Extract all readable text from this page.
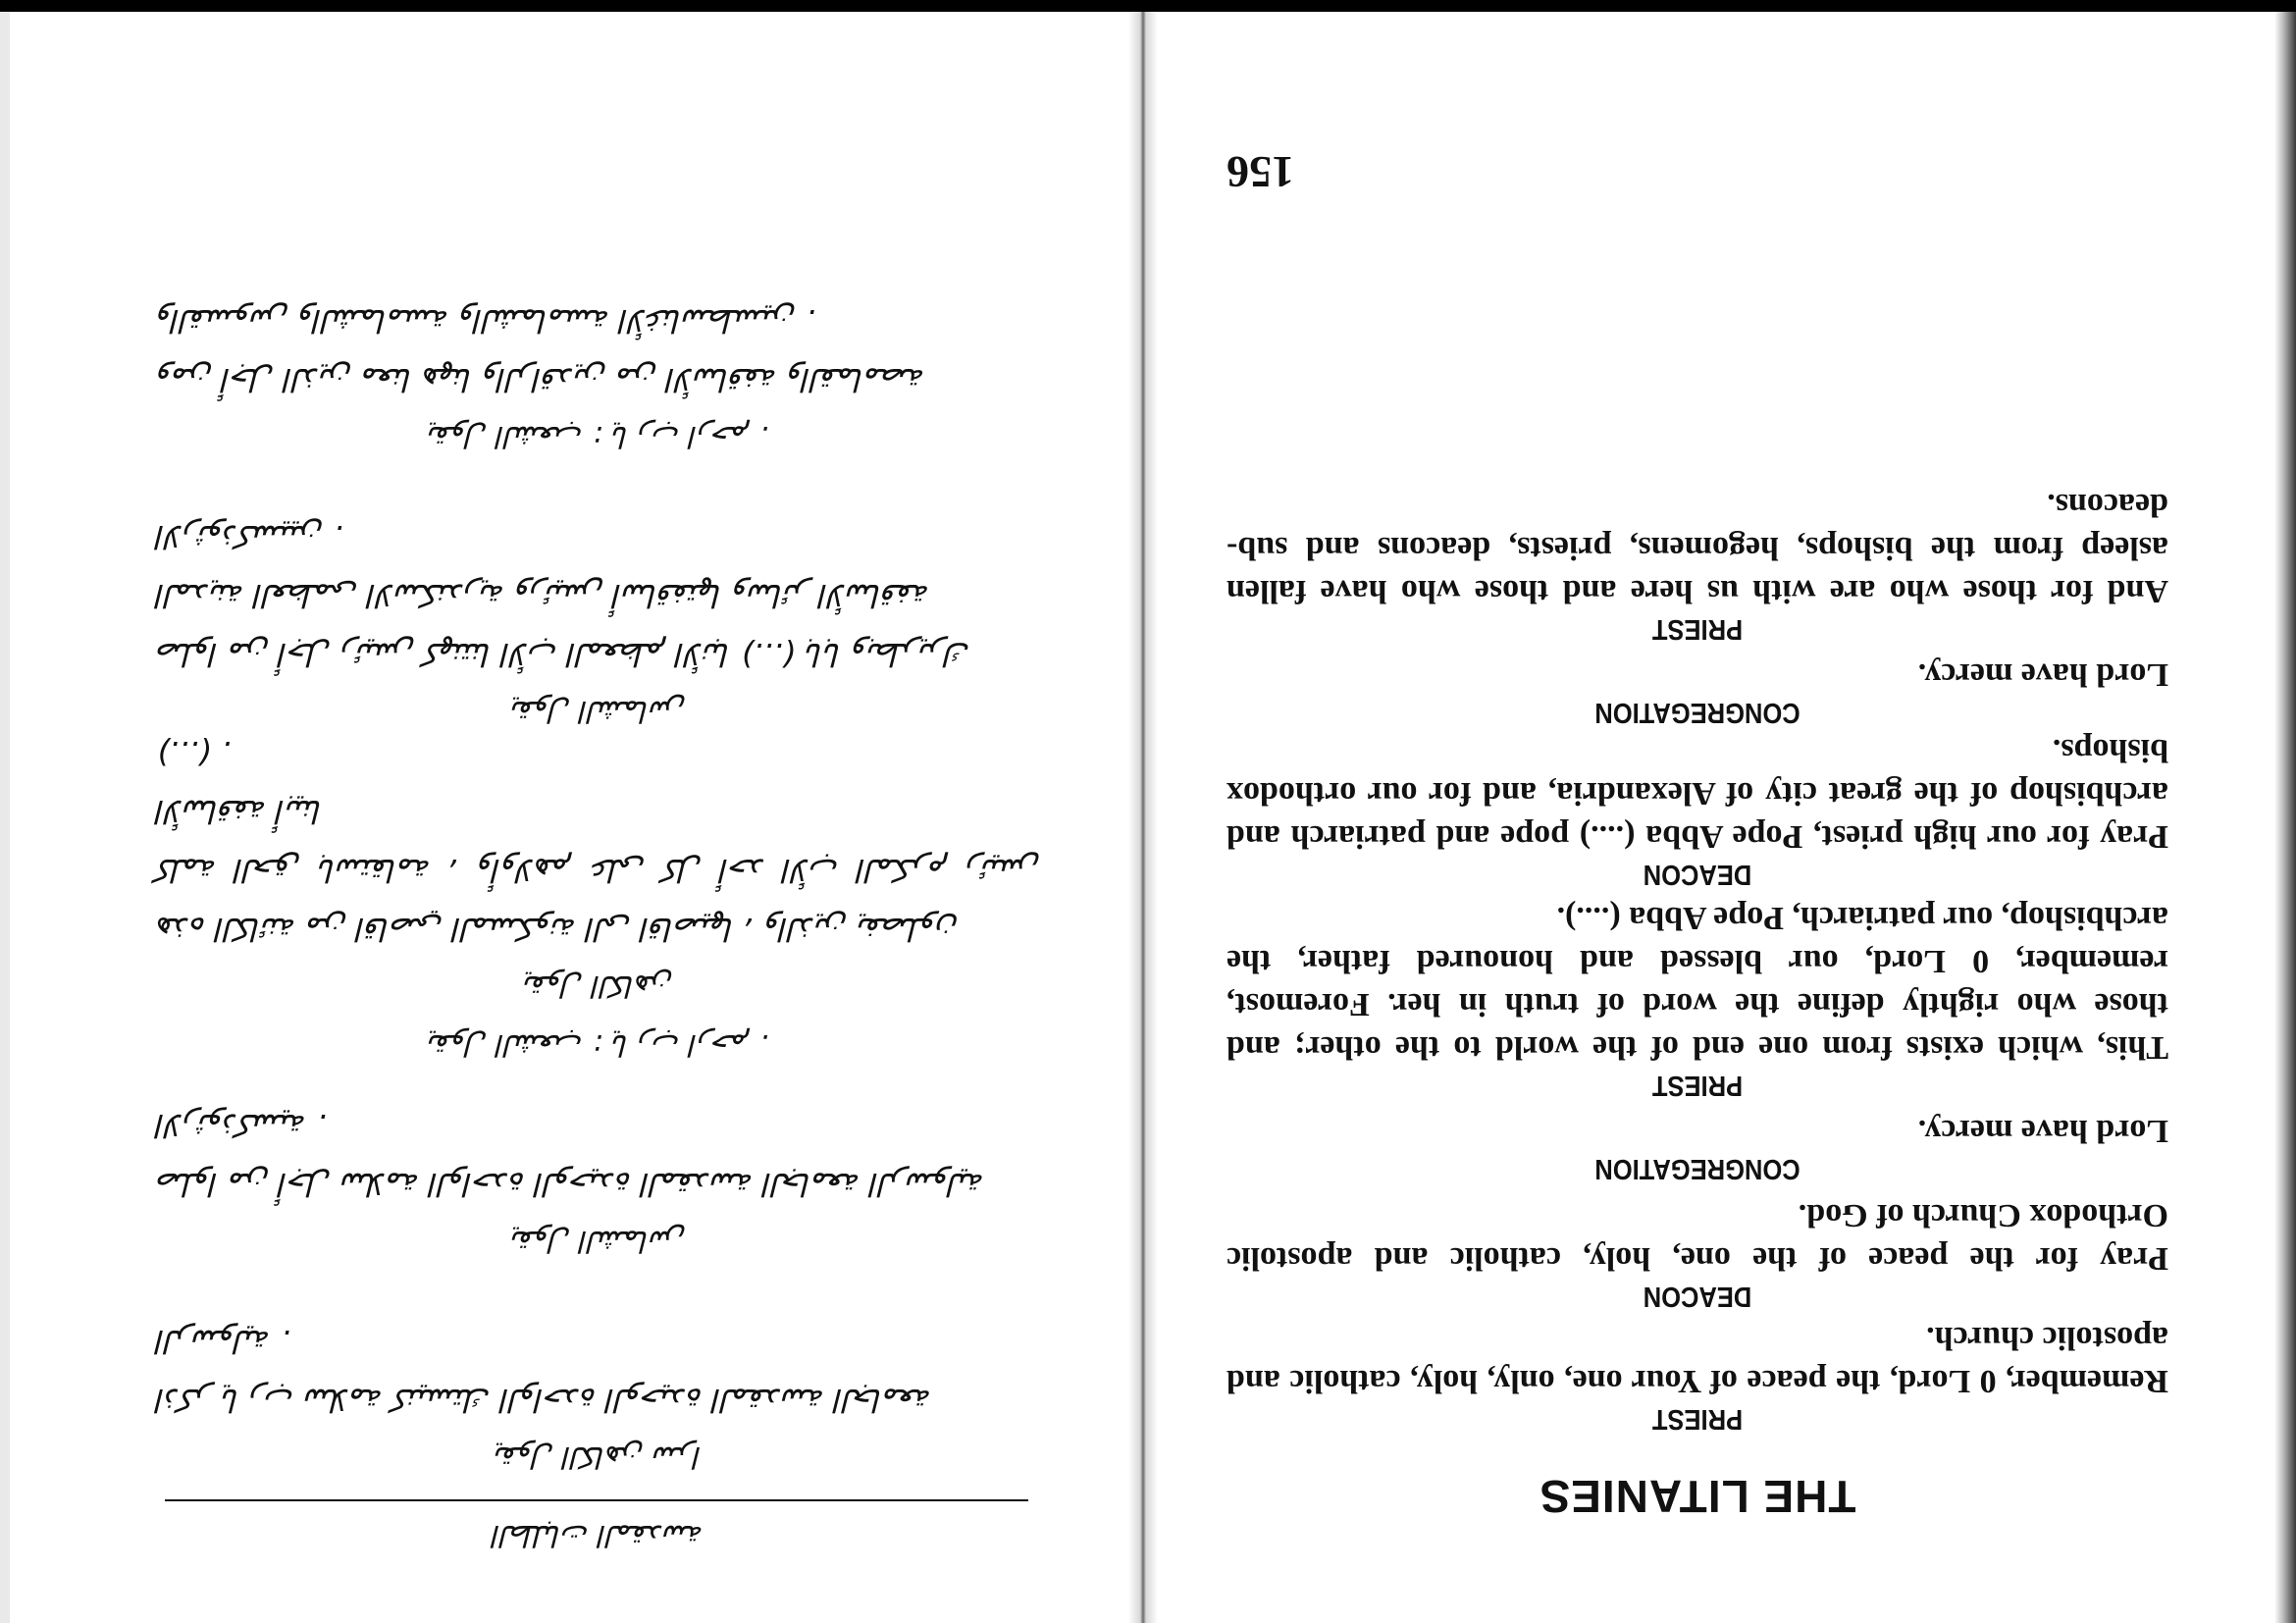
ﺍﻟﻄﻠﺒﺎﺕ ﺍﻟﻤﻘﺪﺳﺔ

ﻳﻘﻮﻝ ﺍﻟﻜﺎﻫﻦ ﺳﺮﺍ

ﺍﺫﻛﺮ ﻳﺎ ﺭﺏ ﺳﻼﻣﺔ ﻛﻨﻴﺴﺘﻚ ﺍﻟﻮﺍﺣﺪﺓ ﺍﻟﻮﺣﻴﺪﺓ ﺍﻟﻤﻘﺪﺳﺔ ﺍﻟﺠﺎﻣﻌﺔ

ﺍﻟﺮﺳﻮﻟﻴﺔ .

ﻳﻘﻮﻝ ﺍﻟﺸﻤﺎﺱ

ﺻﻠﻮﺍ ﻣﻦ ﺃﺟﻞ ﺳﻼﻣﺔ ﺍﻟﻮﺍﺣﺪﺓ ﺍﻟﻮﺣﻴﺪﺓ ﺍﻟﻤﻘﺪﺳﺔ ﺍﻟﺠﺎﻣﻌﺔ ﺍﻟﺮﺳﻮﻟﻴﺔ

ﺍﻻﺭﺛﻮﺫﻛﺴﻴﺔ .

ﻳﻘﻮﻝ ﺍﻟﺸﻌﺐ : ﻳﺎ ﺭﺏ ﺍﺭﺣﻢ .

ﻳﻘﻮﻝ ﺍﻟﻜﺎﻫﻦ

ﻫﺬﻩ ﺍﻟﻜﺎﺋﻨﺔ ﻣﻦ ﺍﻗﺎﺻﻲ ﺍﻟﻤﺴﻜﻮﻧﺔ ﺍﻟﻰ ﺍﻗﺎﺻﻴﻬﺎ ، ﻭﺍﻟﺬﻳﻦ ﻳﻔﺼﻠﻮﻥ

ﻛﻠﻤﺔ ﺍﻟﺤﻖ ﺑﺎﺳﺘﻘﺎﻣﺔ ، ﻭﺃﻭﻻﻫﻢ ﻋﻠﻰ ﻛﻞ ﺃﺣﺪ ﺍﻷﺏ ﺍﻟﻤﻜﺮﻡ ﺭﺋﻴﺲ ﺍﻷﺳﺎﻗﻔﺔ ﺃﺑﻴﻨﺎ

(...) .

ﻳﻘﻮﻝ ﺍﻟﺸﻤﺎﺱ

ﺻﻠﻮﺍ ﻣﻦ ﺃﺟﻞ ﺭﺋﻴﺲ ﻛﻬﻨﺘﻨﺎ ﺍﻷﺏ ﺍﻟﻤﻌﻈﻢ ﺍﻷﻧﺒﺎ (...) ﺑﺎﺑﺎ ﻭﺑﻄﺮﻳﺮﻙ

ﺍﻟﻤﺪﻳﻨﺔ ﺍﻟﻌﻈﻤﻰ ﺍﻻﺳﻜﻨﺪﺭﻳﺔ ﻭﺭﺋﻴﺲ ﺃﺳﺎﻗﻔﺘﻬﺎ ﻭﺳﺎﺋﺮ ﺍﻷﺳﺎﻗﻔﺔ

ﺍﻻﺭﺛﻮﺫﻛﺴﻴﻴﻦ .

ﻳﻘﻮﻝ ﺍﻟﺸﻌﺐ : ﻳﺎ ﺭﺏ ﺍﺭﺣﻢ .

ﻭﻣﻦ ﺃﺟﻞ ﺍﻟﺬﻳﻦ ﻣﻌﻨﺎ ﻫﻬﻨﺎ ﻭﺍﻟﺮﺍﻗﺪﻳﻦ ﻣﻦ ﺍﻷﺳﺎﻗﻔﺔ ﻭﺍﻟﻘﻤﺎﻣﺼﺔ

ﻭﺍﻟﻘﺴﻮﺱ ﻭﺍﻟﺸﻤﺎﻣﺴﺔ ﻭﺍﻟﺸﻤﺎﻣﺴﺔ ﺍﻷﻏﻨﺎﺳﻄﺴﻴﻦ .

THE LITANIES

PRIEST

Remember, 0 Lord, the peace of Your one, only, holy, catholic and apostolic church.

DEACON

Pray for the peace of the one, holy, catholic and apostolic Orthodox Church of God.

CONGREGATION

Lord have mercy.

PRIEST

This, which exists from one end of the world to the other; and those who rightly define the word of truth in her. Foremost, remember, 0 Lord, our blessed and honoured father, the archbishop, our patriarch, Pope Abba (....).

DEACON

Pray for our high priest, Pope Abba (....) pope and patriarch and archbishop of the great city of Alexandria, and for our orthodox bishops.

CONGREGATION

Lord have mercy.

PRIEST

And for those who are with us here and those who have fallen asleep from the bishops, hegomens, priests, deacons and sub-deacons.

156
